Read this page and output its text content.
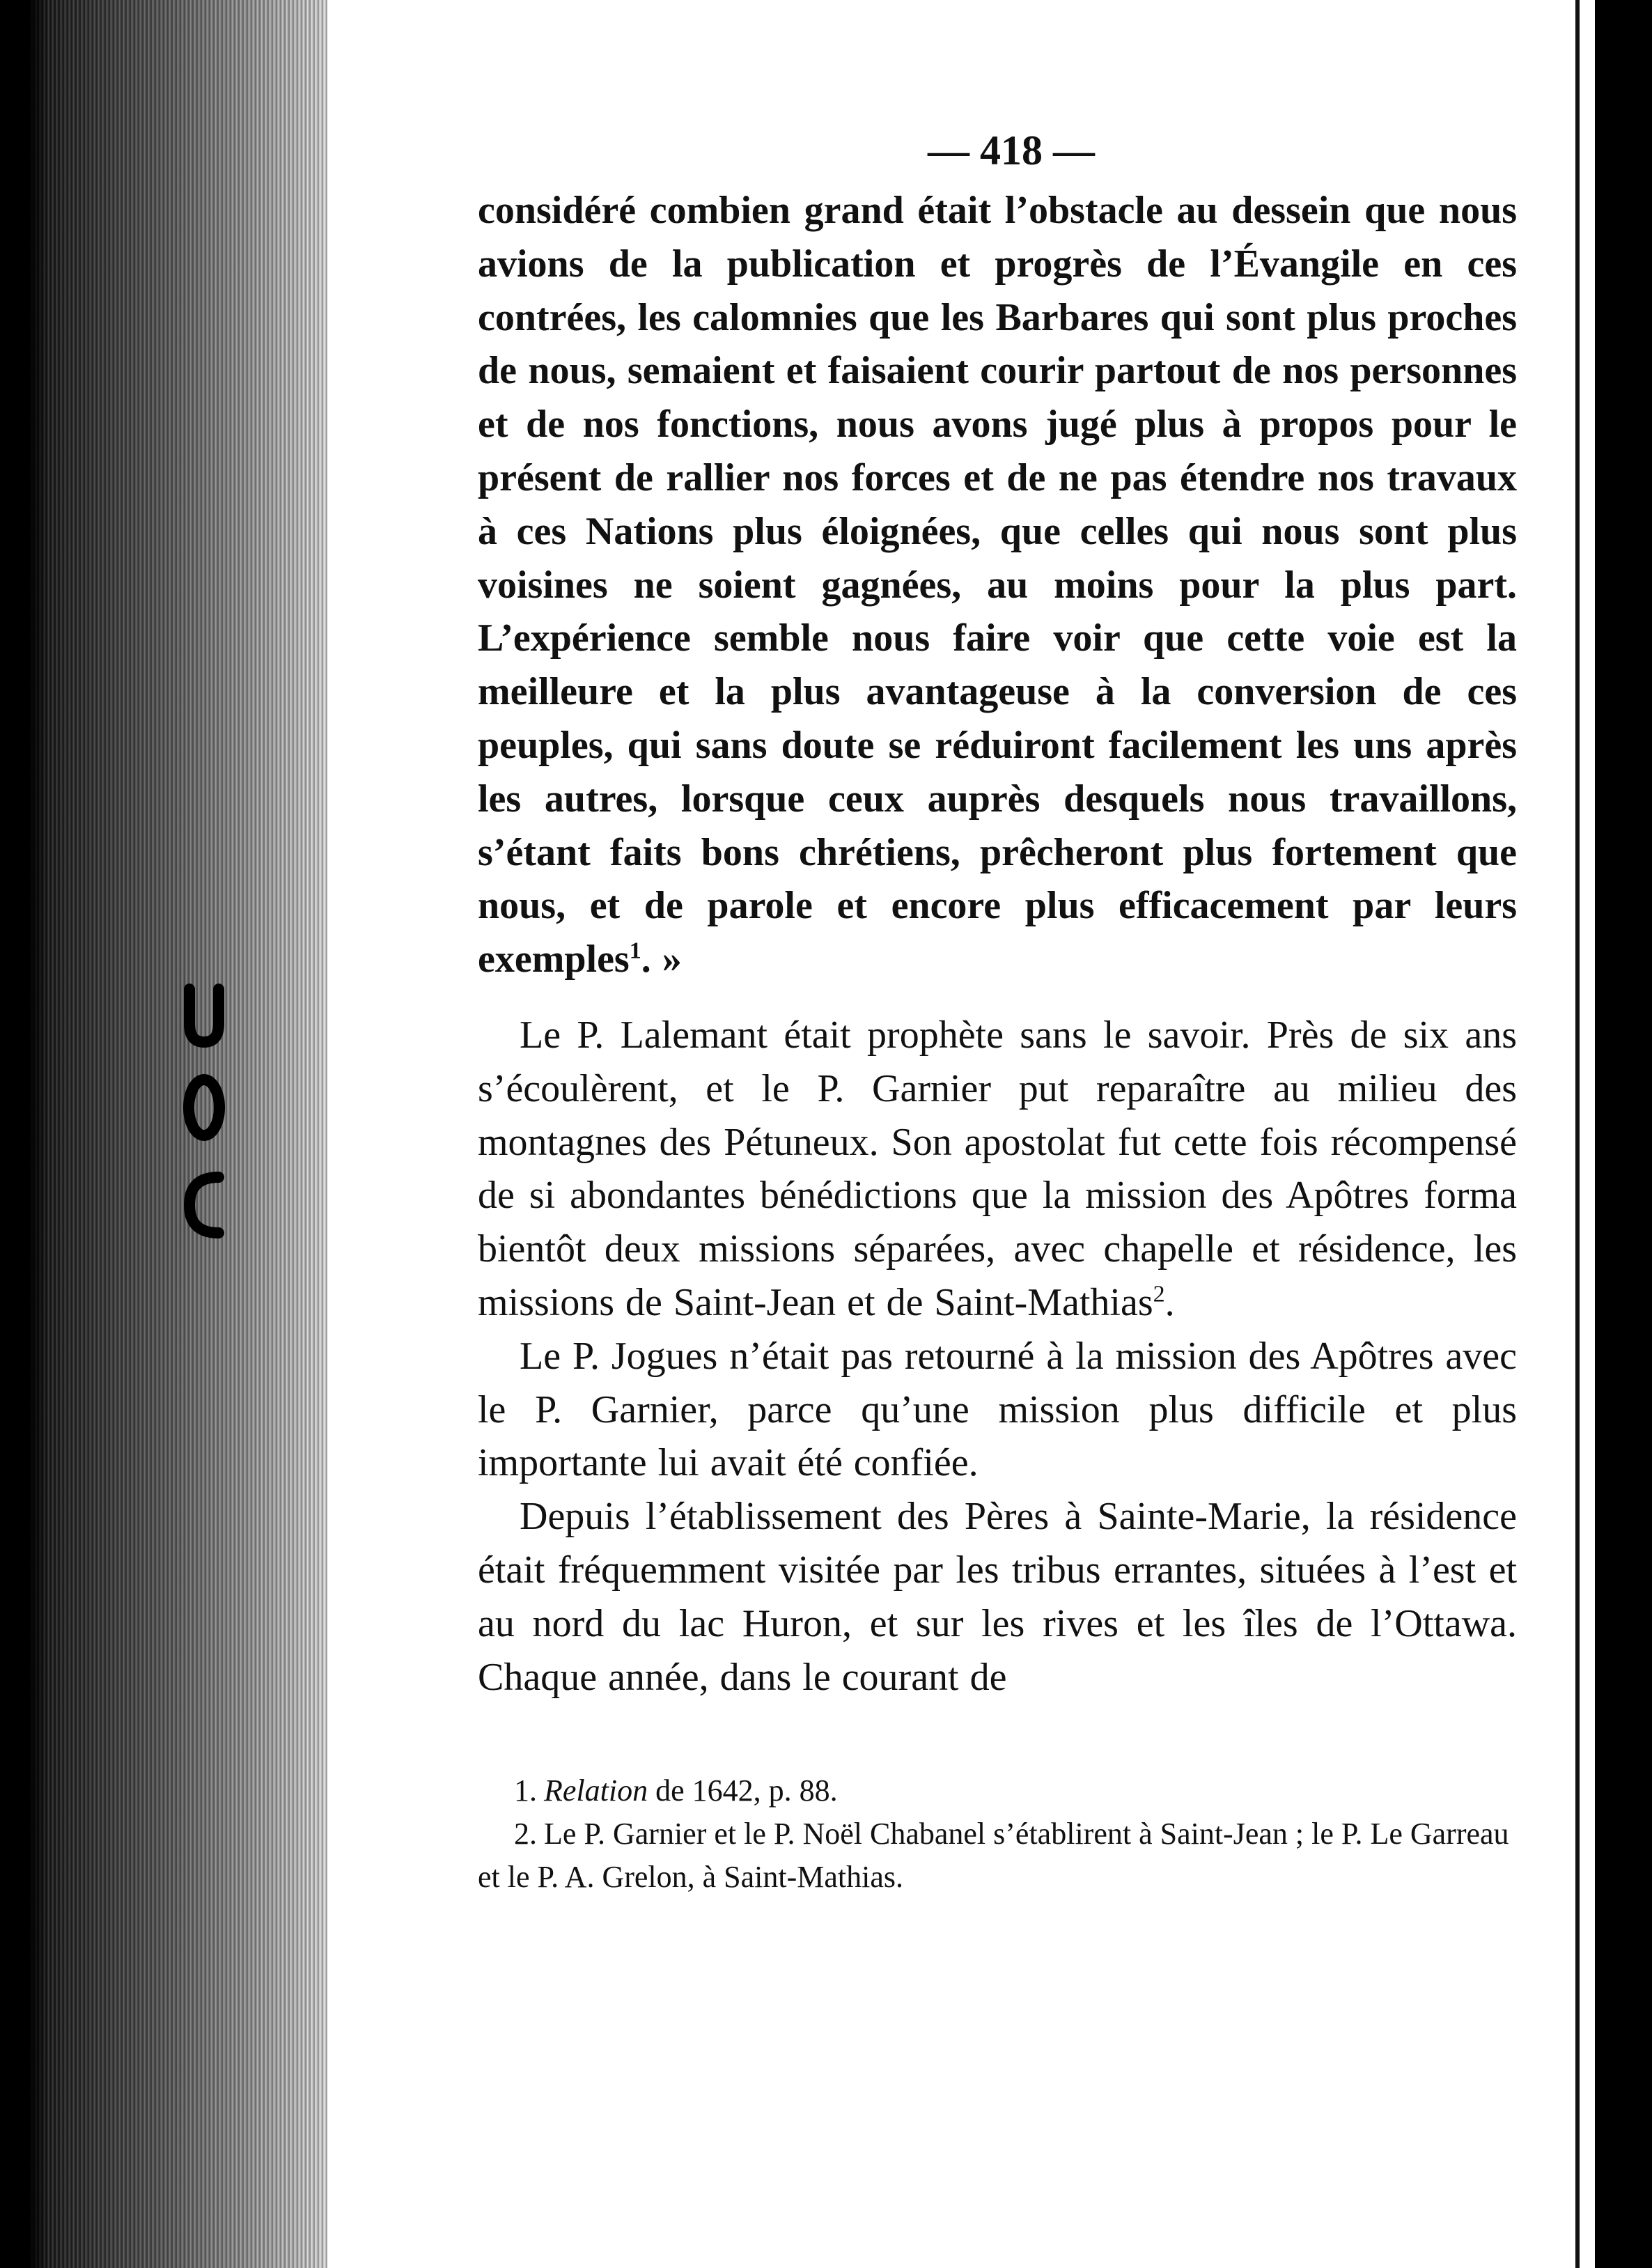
— 418 —

considéré combien grand était l’obstacle au dessein que nous avions de la publication et progrès de l’Évangile en ces contrées, les calomnies que les Barbares qui sont plus proches de nous, semaient et faisaient courir partout de nos personnes et de nos fonctions, nous avons jugé plus à propos pour le présent de rallier nos forces et de ne pas étendre nos travaux à ces Nations plus éloignées, que celles qui nous sont plus voisines ne soient gagnées, au moins pour la plus part. L’expérience semble nous faire voir que cette voie est la meilleure et la plus avantageuse à la conversion de ces peuples, qui sans doute se réduiront facilement les uns après les autres, lorsque ceux auprès desquels nous travaillons, s’étant faits bons chrétiens, prêcheront plus fortement que nous, et de parole et encore plus efficacement par leurs exemples$^1$. »

Le P. Lalemant était prophète sans le savoir. Près de six ans s’écoulèrent, et le P. Garnier put reparaître au milieu des montagnes des Pétuneux. Son apostolat fut cette fois récompensé de si abondantes bénédictions que la mission des Apôtres forma bientôt deux missions séparées, avec chapelle et résidence, les missions de Saint-Jean et de Saint-Mathias$^2$.

Le P. Jogues n’était pas retourné à la mission des Apôtres avec le P. Garnier, parce qu’une mission plus difficile et plus importante lui avait été confiée.

Depuis l’établissement des Pères à Sainte-Marie, la résidence était fréquemment visitée par les tribus errantes, situées à l’est et au nord du lac Huron, et sur les rives et les îles de l’Ottawa. Chaque année, dans le courant de

1. Relation de 1642, p. 88.

2. Le P. Garnier et le P. Noël Chabanel s’établirent à Saint-Jean ; le P. Le Garreau et le P. A. Grelon, à Saint-Mathias.
